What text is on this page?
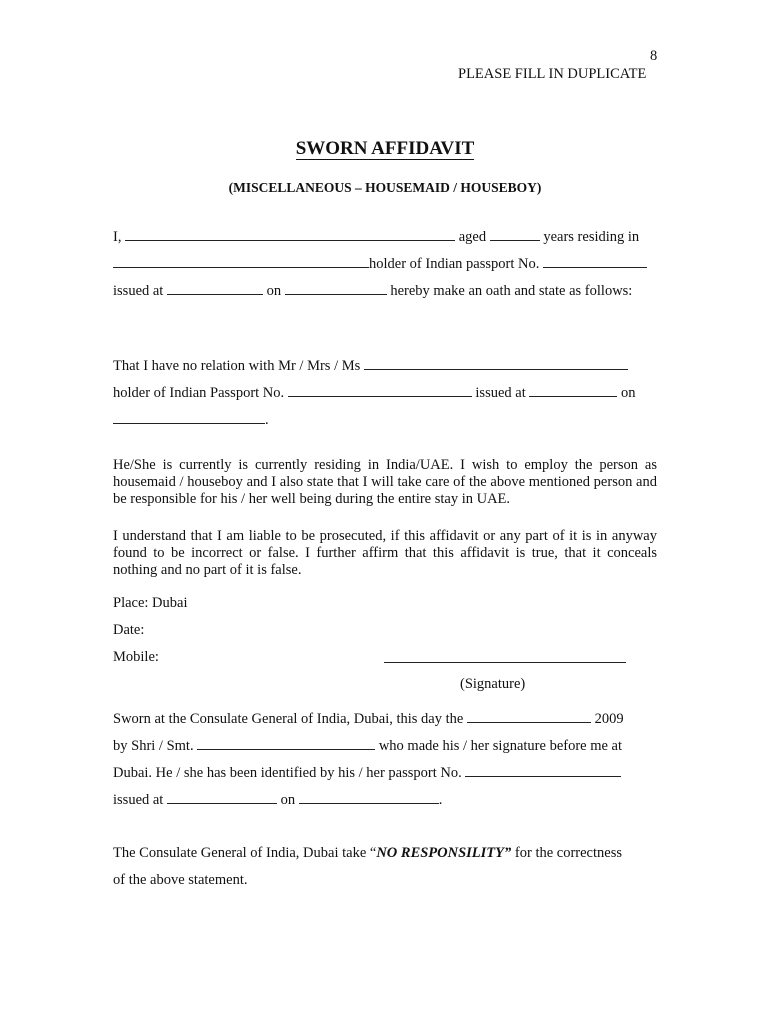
8
PLEASE FILL IN DUPLICATE
SWORN AFFIDAVIT
(MISCELLANEOUS – HOUSEMAID / HOUSEBOY)
I,	aged	years residing in
holder of Indian passport No.
issued at	on	hereby make an oath and state as follows:
That I have no relation with Mr / Mrs / Ms
holder of Indian Passport No.	issued at	on
.
He/She is currently is currently residing in India/UAE. I wish to employ the person as housemaid / houseboy and I also state that I will take care of the above mentioned person and be responsible for his / her well being during the entire stay in UAE.
I understand that I am liable to be prosecuted, if this affidavit or any part of it is in anyway found to be incorrect or false. I further affirm that this affidavit is true, that it conceals nothing and no part of it is false.
Place: Dubai
Date:
Mobile:
(Signature)
Sworn at the Consulate General of India, Dubai, this day the	2009
by Shri / Smt.	who made his / her signature before me at
Dubai. He / she has been identified by his / her passport No.
issued at	on	.
The Consulate General of India, Dubai take “NO RESPONSILITY” for the correctness
of the above statement.
